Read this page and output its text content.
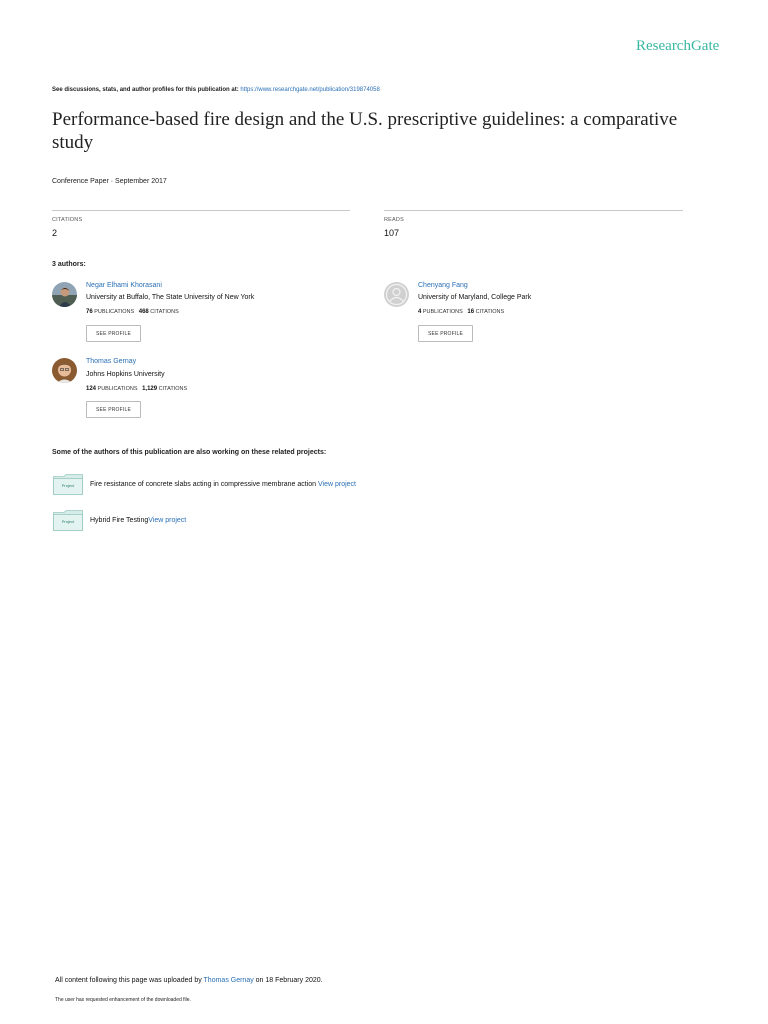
ResearchGate
See discussions, stats, and author profiles for this publication at: https://www.researchgate.net/publication/319874058
Performance-based fire design and the U.S. prescriptive guidelines: a comparative study
Conference Paper · September 2017
CITATIONS
2
READS
107
3 authors:
Negar Elhami Khorasani
University at Buffalo, The State University of New York
76 PUBLICATIONS 468 CITATIONS
SEE PROFILE
Chenyang Fang
University of Maryland, College Park
4 PUBLICATIONS 16 CITATIONS
SEE PROFILE
Thomas Gernay
Johns Hopkins University
124 PUBLICATIONS 1,129 CITATIONS
SEE PROFILE
Some of the authors of this publication are also working on these related projects:
Project	Fire resistance of concrete slabs acting in compressive membrane action View project
Project	Hybrid Fire TestingView project
All content following this page was uploaded by Thomas Gernay on 18 February 2020.
The user has requested enhancement of the downloaded file.
